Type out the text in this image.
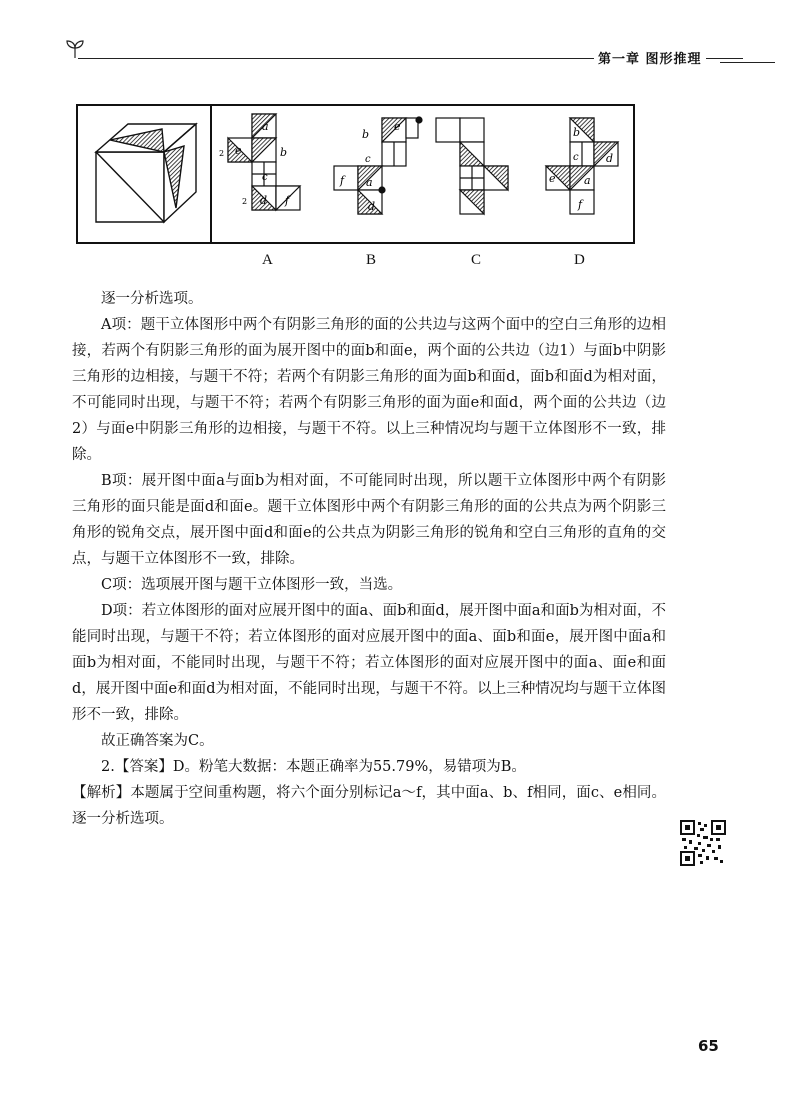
第一章 图形推理
a
b
c
d
e
f
2
2
b
c
a
d
e
f
b
c d
e	a
f
A	B	C	D

逐一分析选项。

A项：题干立体图形中两个有阴影三角形的面的公共边与这两个面中的空白三角形的边相接，若两个有阴影三角形的面为展开图中的面b和面e，两个面的公共边（边1）与面b中阴影三角形的边相接，与题干不符；若两个有阴影三角形的面为面b和面d，面b和面d为相对面，不可能同时出现，与题干不符；若两个有阴影三角形的面为面e和面d，两个面的公共边（边2）与面e中阴影三角形的边相接，与题干不符。以上三种情况均与题干立体图形不一致，排除。

B项：展开图中面a与面b为相对面，不可能同时出现，所以题干立体图形中两个有阴影三角形的面只能是面d和面e。题干立体图形中两个有阴影三角形的面的公共点为两个阴影三角形的锐角交点，展开图中面d和面e的公共点为阴影三角形的锐角和空白三角形的直角的交点，与题干立体图形不一致，排除。

C项：选项展开图与题干立体图形一致，当选。

D项：若立体图形的面对应展开图中的面a、面b和面d，展开图中面a和面b为相对面，不能同时出现，与题干不符；若立体图形的面对应展开图中的面a、面b和面e，展开图中面a和面b为相对面，不能同时出现，与题干不符；若立体图形的面对应展开图中的面a、面e和面d，展开图中面e和面d为相对面，不能同时出现，与题干不符。以上三种情况均与题干立体图形不一致，排除。

故正确答案为C。

2.【答案】D。粉笔大数据：本题正确率为55.79%，易错项为B。

【解析】本题属于空间重构题，将六个面分别标记a～f，其中面a、b、f相同，面c、e相同。逐一分析选项。

65
